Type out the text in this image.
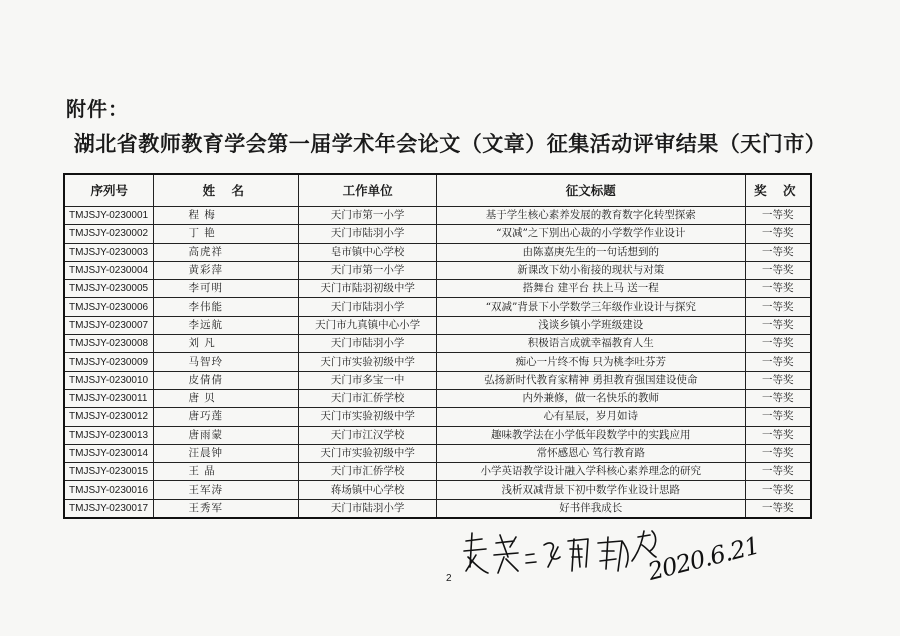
附件：
湖北省教师教育学会第一届学术年会论文（文章）征集活动评审结果（天门市）
序列号	姓 名	工作单位	征文标题	奖 次
TMJSJY-0230001	程 梅	天门市第一小学	基于学生核心素养发展的教育数字化转型探索	一等奖
TMJSJY-0230002	丁 艳	天门市陆羽小学	“双减”之下别出心裁的小学数学作业设计	一等奖
TMJSJY-0230003	高虎祥	皂市镇中心学校	由陈嘉庚先生的一句话想到的	一等奖
TMJSJY-0230004	黄彩萍	天门市第一小学	新课改下幼小衔接的现状与对策	一等奖
TMJSJY-0230005	李可明	天门市陆羽初级中学	搭舞台 建平台 扶上马 送一程	一等奖
TMJSJY-0230006	李伟能	天门市陆羽小学	“双减”背景下小学数学三年级作业设计与探究	一等奖
TMJSJY-0230007	李远航	天门市九真镇中心小学	浅谈乡镇小学班级建设	一等奖
TMJSJY-0230008	刘 凡	天门市陆羽小学	积极语言成就幸福教育人生	一等奖
TMJSJY-0230009	马智玲	天门市实验初级中学	痴心一片终不悔 只为桃李吐芬芳	一等奖
TMJSJY-0230010	皮倩倩	天门市多宝一中	弘扬新时代教育家精神 勇担教育强国建设使命	一等奖
TMJSJY-0230011	唐 贝	天门市汇侨学校	内外兼修，做一名快乐的教师	一等奖
TMJSJY-0230012	唐巧莲	天门市实验初级中学	心有星辰，岁月如诗	一等奖
TMJSJY-0230013	唐雨蒙	天门市江汉学校	趣味教学法在小学低年段数学中的实践应用	一等奖
TMJSJY-0230014	汪晨钟	天门市实验初级中学	常怀感恩心 笃行教育路	一等奖
TMJSJY-0230015	王 晶	天门市汇侨学校	小学英语教学设计融入学科核心素养理念的研究	一等奖
TMJSJY-0230016	王军涛	蒋场镇中心学校	浅析双减背景下初中数学作业设计思路	一等奖
TMJSJY-0230017	王秀军	天门市陆羽小学	好书伴我成长	一等奖
2020.6.21
2
